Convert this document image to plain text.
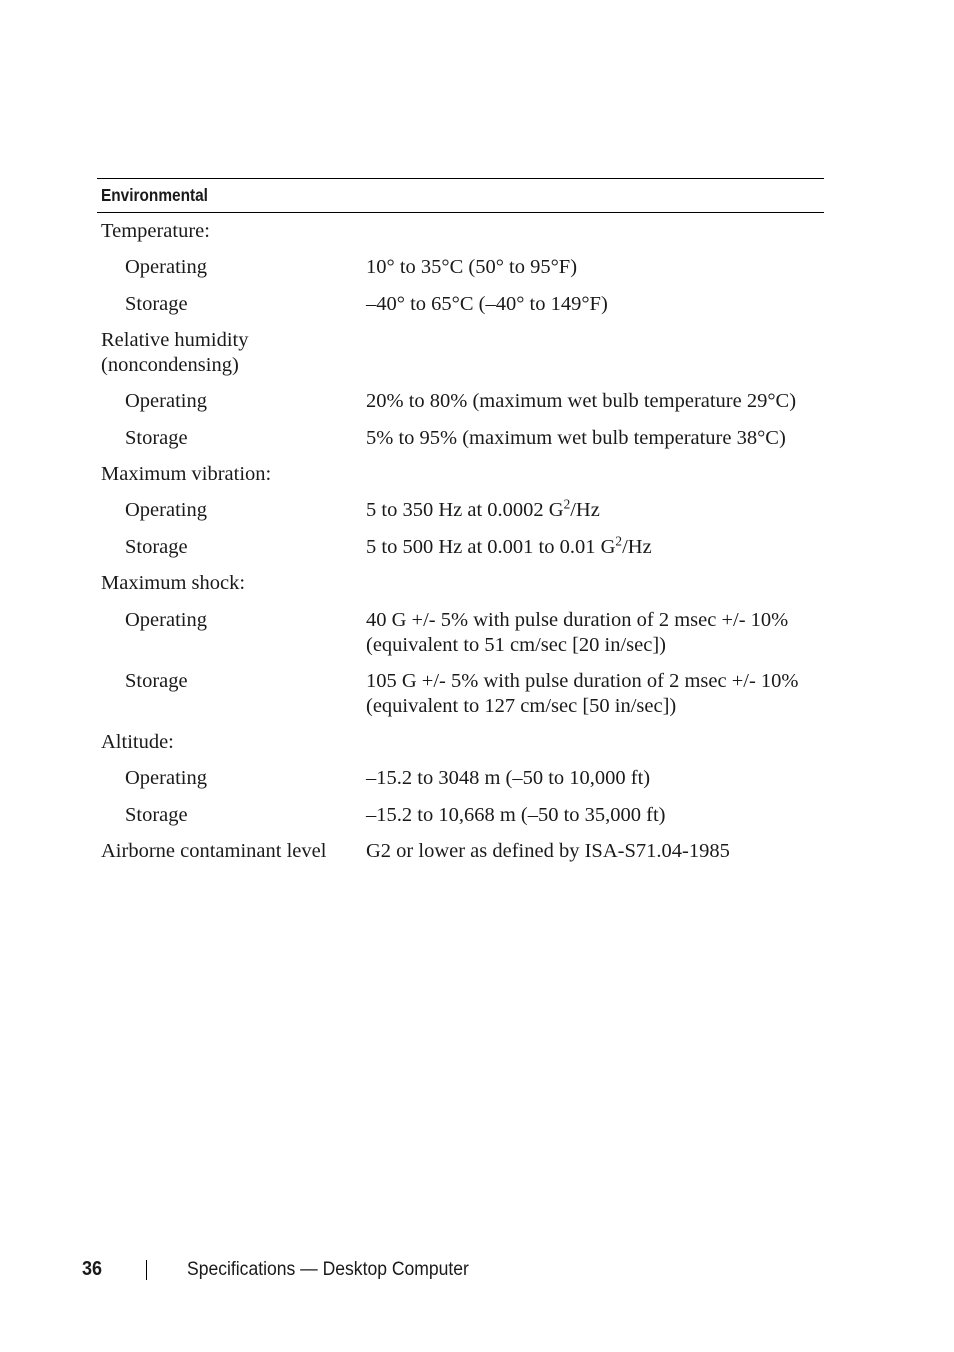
Environmental
Temperature:
Operating	10° to 35°C (50° to 95°F)
Storage	–40° to 65°C (–40° to 149°F)
Relative humidity
(noncondensing)
Operating	20% to 80% (maximum wet bulb temperature 29°C)
Storage	5% to 95% (maximum wet bulb temperature 38°C)
Maximum vibration:
Operating	5 to 350 Hz at 0.0002 $G^2/Hz$
Storage	5 to 500 Hz at 0.001 to 0.01 $G^2/Hz$
Maximum shock:
Operating	40 G +/- 5% with pulse duration of 2 msec +/- 10%
(equivalent to 51 cm/sec [20 in/sec])
Storage	105 G +/- 5% with pulse duration of 2 msec +/- 10%
(equivalent to 127 cm/sec [50 in/sec])
Altitude:
Operating	–15.2 to 3048 m (–50 to 10,000 ft)
Storage	–15.2 to 10,668 m (–50 to 35,000 ft)
Airborne contaminant level	G2 or lower as defined by ISA-S71.04-1985
36	Specifications — Desktop Computer
